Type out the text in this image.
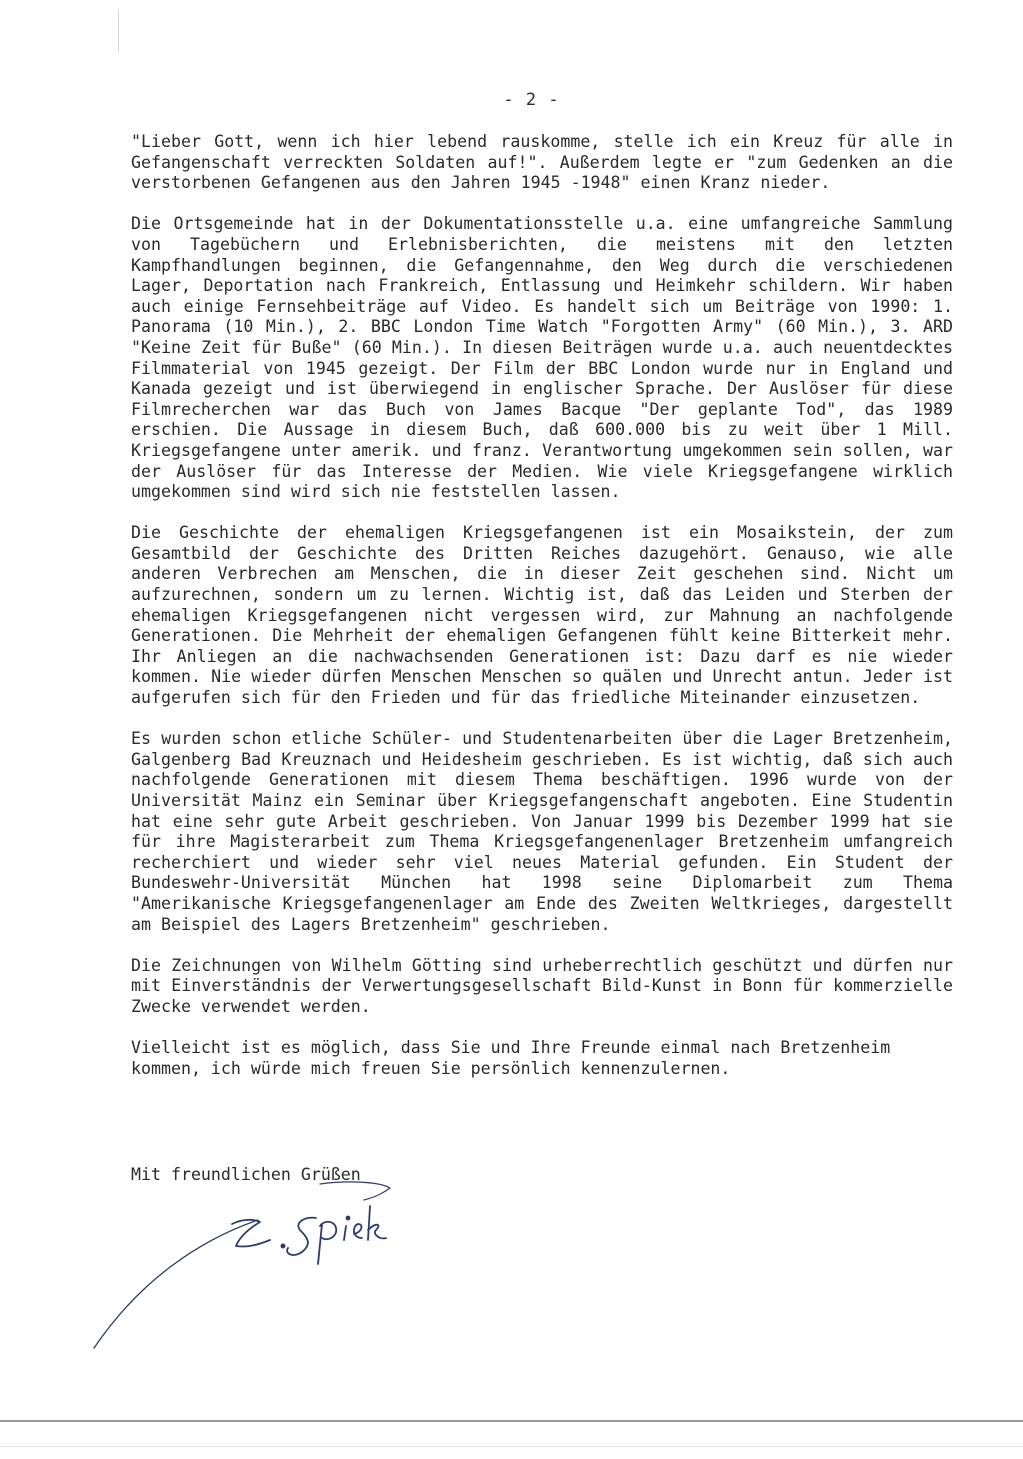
- 2 -

"Lieber Gott, wenn ich hier lebend rauskomme, stelle ich ein Kreuz für alle in Gefangenschaft verreckten Soldaten auf!". Außerdem legte er "zum Gedenken an die verstorbenen Gefangenen aus den Jahren 1945 -1948" einen Kranz nieder.

Die Ortsgemeinde hat in der Dokumentationsstelle u.a. eine umfangreiche Sammlung von Tagebüchern und Erlebnisberichten, die meistens mit den letzten Kampfhandlungen beginnen, die Gefangennahme, den Weg durch die verschiedenen Lager, Deportation nach Frankreich, Entlassung und Heimkehr schildern. Wir haben auch einige Fernsehbeiträge auf Video. Es handelt sich um Beiträge von 1990: 1. Panorama (10 Min.), 2. BBC London Time Watch "Forgotten Army" (60 Min.), 3. ARD "Keine Zeit für Buße" (60 Min.). In diesen Beiträgen wurde u.a. auch neuentdecktes Filmmaterial von 1945 gezeigt. Der Film der BBC London wurde nur in England und Kanada gezeigt und ist überwiegend in englischer Sprache. Der Auslöser für diese Filmrecherchen war das Buch von James Bacque "Der geplante Tod", das 1989 erschien. Die Aussage in diesem Buch, daß 600.000 bis zu weit über 1 Mill. Kriegsgefangene unter amerik. und franz. Verantwortung umgekommen sein sollen, war der Auslöser für das Interesse der Medien. Wie viele Kriegsgefangene wirklich umgekommen sind wird sich nie feststellen lassen.

Die Geschichte der ehemaligen Kriegsgefangenen ist ein Mosaikstein, der zum Gesamtbild der Geschichte des Dritten Reiches dazugehört. Genauso, wie alle anderen Verbrechen am Menschen, die in dieser Zeit geschehen sind. Nicht um aufzurechnen, sondern um zu lernen. Wichtig ist, daß das Leiden und Sterben der ehemaligen Kriegsgefangenen nicht vergessen wird, zur Mahnung an nachfolgende Generationen. Die Mehrheit der ehemaligen Gefangenen fühlt keine Bitterkeit mehr. Ihr Anliegen an die nachwachsenden Generationen ist: Dazu darf es nie wieder kommen. Nie wieder dürfen Menschen Menschen so quälen und Unrecht antun. Jeder ist aufgerufen sich für den Frieden und für das friedliche Miteinander einzusetzen.

Es wurden schon etliche Schüler- und Studentenarbeiten über die Lager Bretzenheim, Galgenberg Bad Kreuznach und Heidesheim geschrieben. Es ist wichtig, daß sich auch nachfolgende Generationen mit diesem Thema beschäftigen. 1996 wurde von der Universität Mainz ein Seminar über Kriegsgefangenschaft angeboten. Eine Studentin hat eine sehr gute Arbeit geschrieben. Von Januar 1999 bis Dezember 1999 hat sie für ihre Magisterarbeit zum Thema Kriegsgefangenenlager Bretzenheim umfangreich recherchiert und wieder sehr viel neues Material gefunden. Ein Student der Bundeswehr-Universität München hat 1998 seine Diplomarbeit zum Thema "Amerikanische Kriegsgefangenenlager am Ende des Zweiten Weltkrieges, dargestellt am Beispiel des Lagers Bretzenheim" geschrieben.

Die Zeichnungen von Wilhelm Götting sind urheberrechtlich geschützt und dürfen nur mit Einverständnis der Verwertungsgesellschaft Bild-Kunst in Bonn für kommerzielle Zwecke verwendet werden.

Vielleicht ist es möglich, dass Sie und Ihre Freunde einmal nach Bretzenheim kommen, ich würde mich freuen Sie persönlich kennenzulernen.

Mit freundlichen Grüßen
